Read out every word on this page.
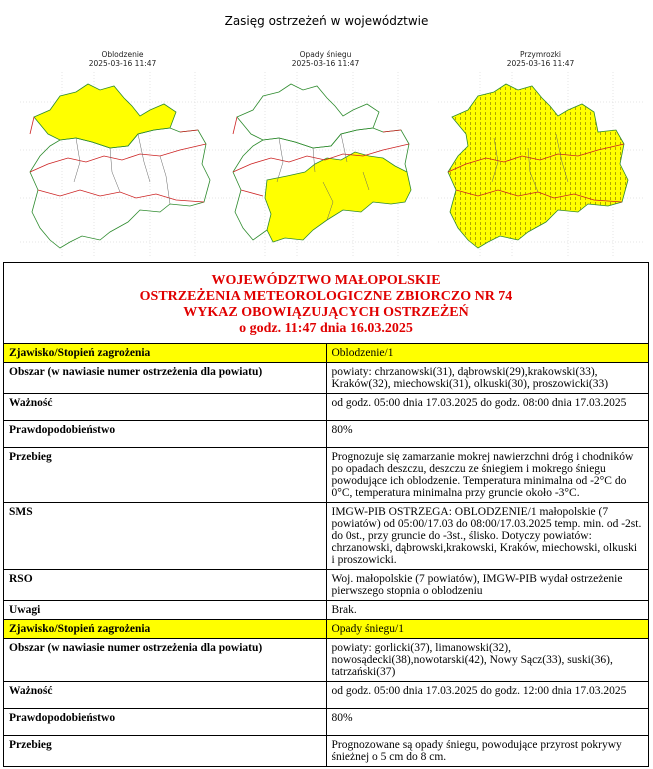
Zasięg ostrzeżeń w województwie
Oblodzenie
2025-03-16 11:47
Opady śniegu
2025-03-16 11:47
Przymrozki
2025-03-16 11:47
WOJEWÓDZTWO MAŁOPOLSKIE
OSTRZEŻENIA METEOROLOGICZNE ZBIORCZO NR 74
WYKAZ OBOWIĄZUJĄCYCH OSTRZEŻEŃ
o godz. 11:47 dnia 16.03.2025	

Zjawisko/Stopień zagrożenia	Oblodzenie/1
Obszar (w nawiasie numer ostrzeżenia dla powiatu)	powiaty: chrzanowski(31), dąbrowski(29),krakowski(33), Kraków(32), miechowski(31), olkuski(30), proszowicki(33)
Ważność	od godz. 05:00 dnia 17.03.2025 do godz. 08:00 dnia 17.03.2025
Prawdopodobieństwo	80%
Przebieg	Prognozuje się zamarzanie mokrej nawierzchni dróg i chodników po opadach deszczu, deszczu ze śniegiem i mokrego śniegu powodujące ich oblodzenie. Temperatura minimalna od -2°C do 0°C, temperatura minimalna przy gruncie około -3°C.
SMS	IMGW-PIB OSTRZEGA: OBLODZENIE/1 małopolskie (7 powiatów) od 05:00/17.03 do 08:00/17.03.2025 temp. min. od -2st. do 0st., przy gruncie do -3st., ślisko. Dotyczy powiatów: chrzanowski, dąbrowski,krakowski, Kraków, miechowski, olkuski i proszowicki.
RSO	Woj. małopolskie (7 powiatów), IMGW-PIB wydał ostrzeżenie pierwszego stopnia o oblodzeniu
Uwagi	Brak.
Zjawisko/Stopień zagrożenia	Opady śniegu/1
Obszar (w nawiasie numer ostrzeżenia dla powiatu)	powiaty: gorlicki(37), limanowski(32), nowosądecki(38),nowotarski(42), Nowy Sącz(33), suski(36), tatrzański(37)
Ważność	od godz. 05:00 dnia 17.03.2025 do godz. 12:00 dnia 17.03.2025
Prawdopodobieństwo	80%
Przebieg	Prognozowane są opady śniegu, powodujące przyrost pokrywy śnieżnej o 5 cm do 8 cm.
